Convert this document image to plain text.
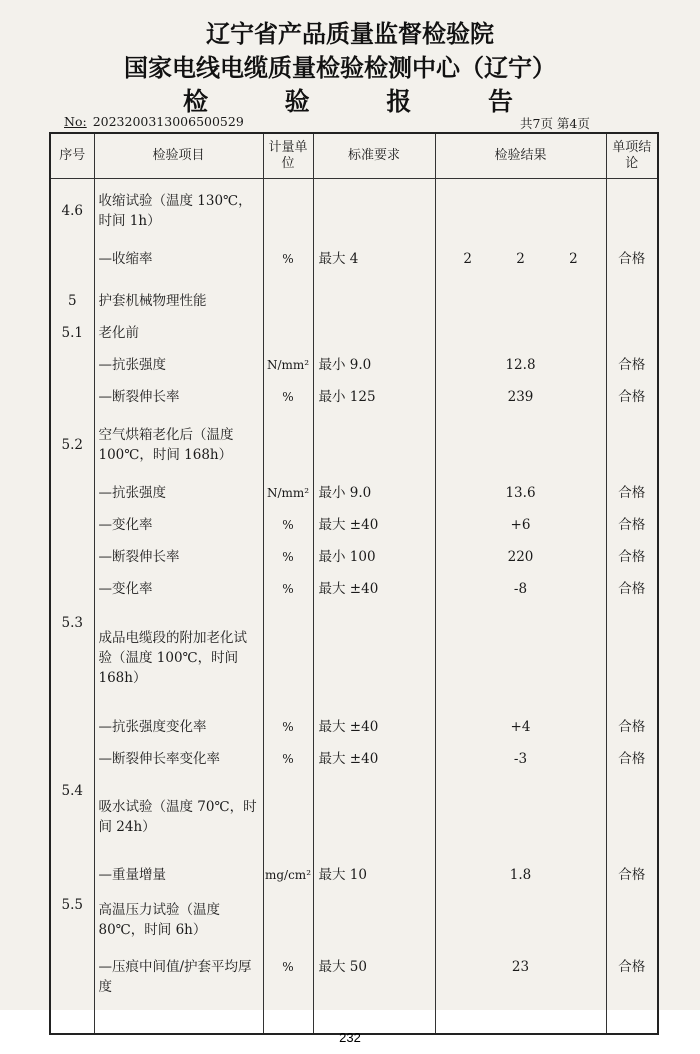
辽宁省产品质量监督检验院
国家电线电缆质量检验检测中心（辽宁）
检 验 报 告
No: 2023200313006500529	共7页 第4页
序号	检验项目	计量单位	标准要求	检验结果	单项结论
4.6	收缩试验（温度 130℃，时间 1h）				
	—收缩率	%	最大 4	2 2 2	合格

5	护套机械物理性能				
5.1	老化前				
	—抗张强度	N/mm²	最小 9.0	12.8	合格
	—断裂伸长率	%	最小 125	239	合格
5.2	空气烘箱老化后（温度 100℃，时间 168h）				
	—抗张强度	N/mm²	最小 9.0	13.6	合格
	—变化率	%	最大 ±40	+6	合格
	—断裂伸长率	%	最小 100	220	合格
	—变化率	%	最大 ±40	-8	合格
5.3	成品电缆段的附加老化试验（温度 100℃，时间 168h）				
	—抗张强度变化率	%	最大 ±40	+4	合格
	—断裂伸长率变化率	%	最大 ±40	-3	合格
5.4	吸水试验（温度 70℃，时间 24h）				
	—重量增量	mg/cm²	最大 10	1.8	合格
5.5	高温压力试验（温度 80℃，时间 6h）				
	—压痕中间值/护套平均厚度	%	最大 50	23	合格
232
